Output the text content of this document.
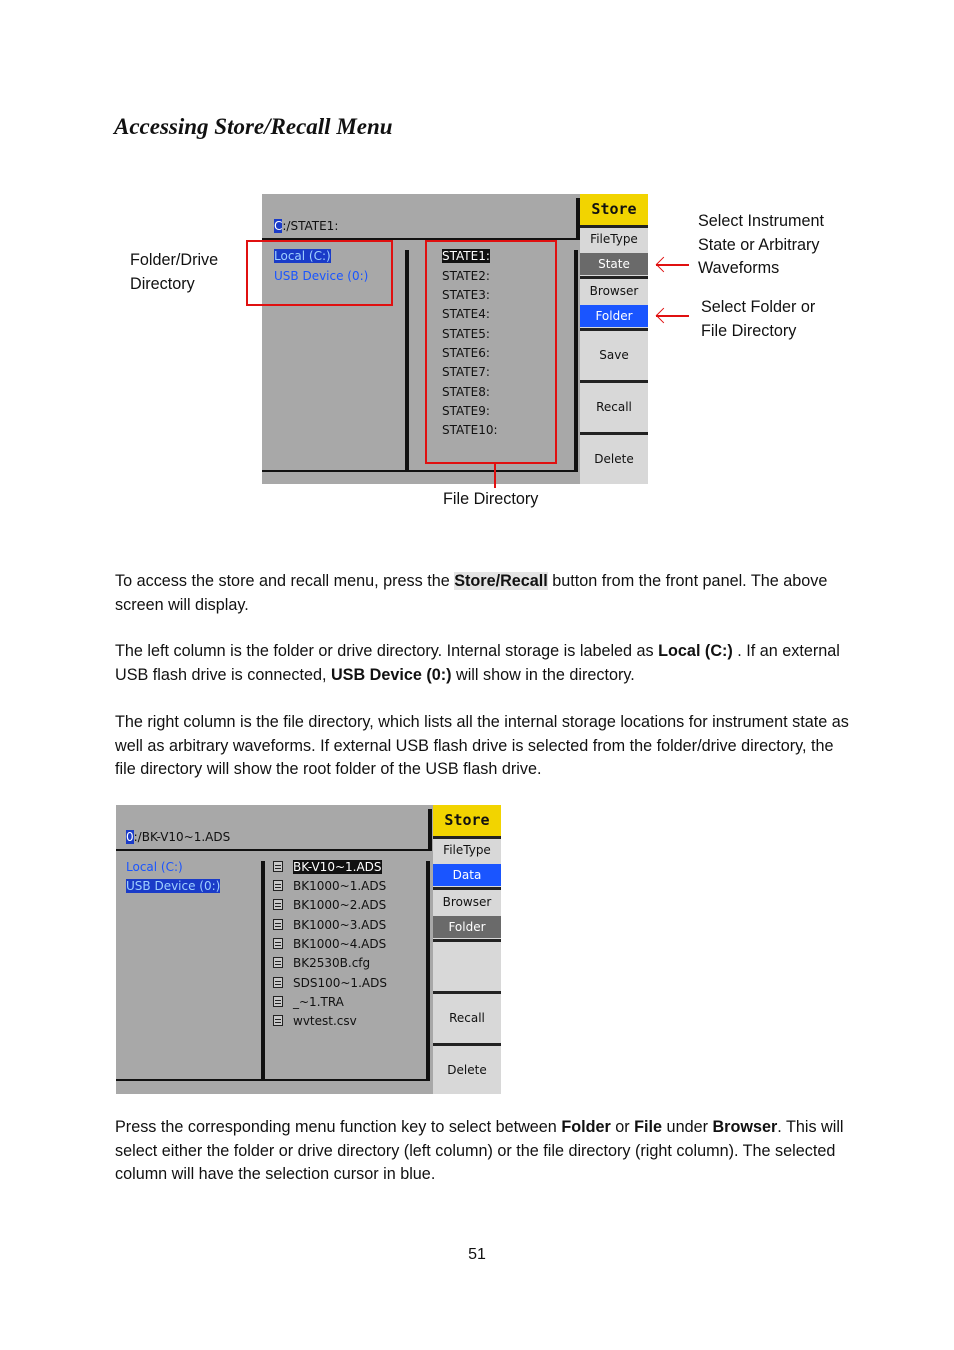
Accessing Store/Recall Menu
C:/STATE1:
Local (C:)
USB Device (0:)
STATE1:
STATE2:
STATE3:
STATE4:
STATE5:
STATE6:
STATE7:
STATE8:
STATE9:
STATE10:
Store
FileType
State
Browser
Folder
Save
Recall
Delete
Folder/Drive
Directory
Select Instrument
State or Arbitrary
Waveforms
Select Folder or
File Directory
File Directory
To access the store and recall menu, press the Store/Recall button from the front panel. The above screen will display.
The left column is the folder or drive directory. Internal storage is labeled as Local (C:) . If an external USB flash drive is connected, USB Device (0:) will show in the directory.
The right column is the file directory, which lists all the internal storage locations for instrument state as well as arbitrary waveforms. If external USB flash drive is selected from the folder/drive directory, the file directory will show the root folder of the USB flash drive.
0:/BK-V10~1.ADS
Local (C:)
USB Device (0:)
BK-V10~1.ADS
BK1000~1.ADS
BK1000~2.ADS
BK1000~3.ADS
BK1000~4.ADS
BK2530B.cfg
SDS100~1.ADS
_~1.TRA
wvtest.csv
Store
FileType
Data
Browser
Folder
Recall
Delete
Press the corresponding menu function key to select between Folder or File under Browser. This will select either the folder or drive directory (left column) or the file directory (right column). The selected column will have the selection cursor in blue.
51
